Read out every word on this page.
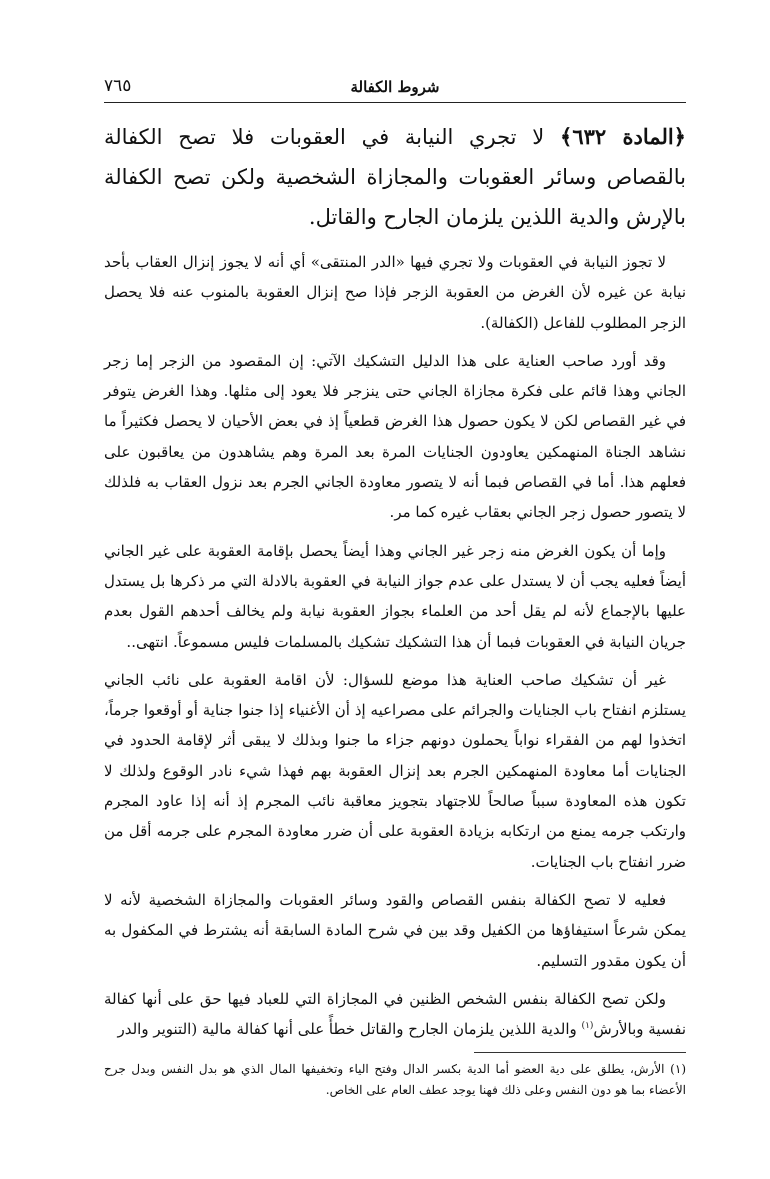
شروط الكفالة
٧٦٥
﴿المادة ٦٣٢﴾ لا تجري النيابة في العقوبات فلا تصح الكفالة بالقصاص وسائر العقوبات والمجازاة الشخصية ولكن تصح الكفالة بالإرش والدية اللذين يلزمان الجارح والقاتل.

لا تجوز النيابة في العقوبات ولا تجري فيها «الدر المنتقى» أي أنه لا يجوز إنزال العقاب بأحد نيابة عن غيره لأن الغرض من العقوبة الزجر فإذا صح إنزال العقوبة بالمنوب عنه فلا يحصل الزجر المطلوب للفاعل (الكفالة).

وقد أورد صاحب العناية على هذا الدليل التشكيك الآتي: إن المقصود من الزجر إما زجر الجاني وهذا قائم على فكرة مجازاة الجاني حتى ينزجر فلا يعود إلى مثلها. وهذا الغرض يتوفر في غير القصاص لكن لا يكون حصول هذا الغرض قطعياً إذ في بعض الأحيان لا يحصل فكثيراً ما نشاهد الجناة المنهمكين يعاودون الجنايات المرة بعد المرة وهم يشاهدون من يعاقبون على فعلهم هذا. أما في القصاص فبما أنه لا يتصور معاودة الجاني الجرم بعد نزول العقاب به فلذلك لا يتصور حصول زجر الجاني بعقاب غيره كما مر.

وإما أن يكون الغرض منه زجر غير الجاني وهذا أيضاً يحصل بإقامة العقوبة على غير الجاني أيضاً فعليه يجب أن لا يستدل على عدم جواز النيابة في العقوبة بالادلة التي مر ذكرها بل يستدل عليها بالإجماع لأنه لم يقل أحد من العلماء بجواز العقوبة نيابة ولم يخالف أحدهم القول بعدم جريان النيابة في العقوبات فبما أن هذا التشكيك تشكيك بالمسلمات فليس مسموعاً. انتهى..

غير أن تشكيك صاحب العناية هذا موضع للسؤال: لأن اقامة العقوبة على نائب الجاني يستلزم انفتاح باب الجنايات والجرائم على مصراعيه إذ أن الأغنياء إذا جنوا جناية أو أوقعوا جرماً، اتخذوا لهم من الفقراء نواباً يحملون دونهم جزاء ما جنوا وبذلك لا يبقى أثر لإقامة الحدود في الجنايات أما معاودة المنهمكين الجرم بعد إنزال العقوبة بهم فهذا شيء نادر الوقوع ولذلك لا تكون هذه المعاودة سبباً صالحاً للاجتهاد بتجويز معاقبة نائب المجرم إذ أنه إذا عاود المجرم وارتكب جرمه يمنع من ارتكابه بزيادة العقوبة على أن ضرر معاودة المجرم على جرمه أقل من ضرر انفتاح باب الجنايات.

فعليه لا تصح الكفالة بنفس القصاص والقود وسائر العقوبات والمجازاة الشخصية لأنه لا يمكن شرعاً استيفاؤها من الكفيل وقد بين في شرح المادة السابقة أنه يشترط في المكفول به أن يكون مقدور التسليم.

ولكن تصح الكفالة بنفس الشخص الظنين في المجازاة التي للعباد فيها حق على أنها كفالة نفسية وبالأرش$^{(١)}$ والدية اللذين يلزمان الجارح والقاتل خطأً على أنها كفالة مالية (التنوير والدر

(١) الأرش، يطلق على دية العضو أما الدية بكسر الدال وفتح الياء وتخفيفها المال الذي هو بدل النفس وبدل جرح الأعضاء بما هو دون النفس وعلى ذلك فهنا يوجد عطف العام على الخاص.
